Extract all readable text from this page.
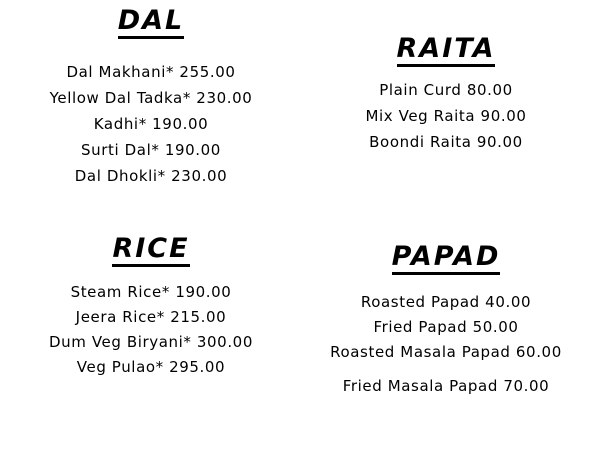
DAL
Dal Makhani* 255.00
Yellow Dal Tadka* 230.00
Kadhi* 190.00
Surti Dal* 190.00
Dal Dhokli* 230.00
RAITA
Plain Curd 80.00
Mix Veg Raita 90.00
Boondi Raita 90.00
RICE
Steam Rice* 190.00
Jeera Rice* 215.00
Dum Veg Biryani* 300.00
Veg Pulao* 295.00
PAPAD
Roasted Papad 40.00
Fried Papad 50.00
Roasted Masala Papad 60.00
Fried Masala Papad 70.00
